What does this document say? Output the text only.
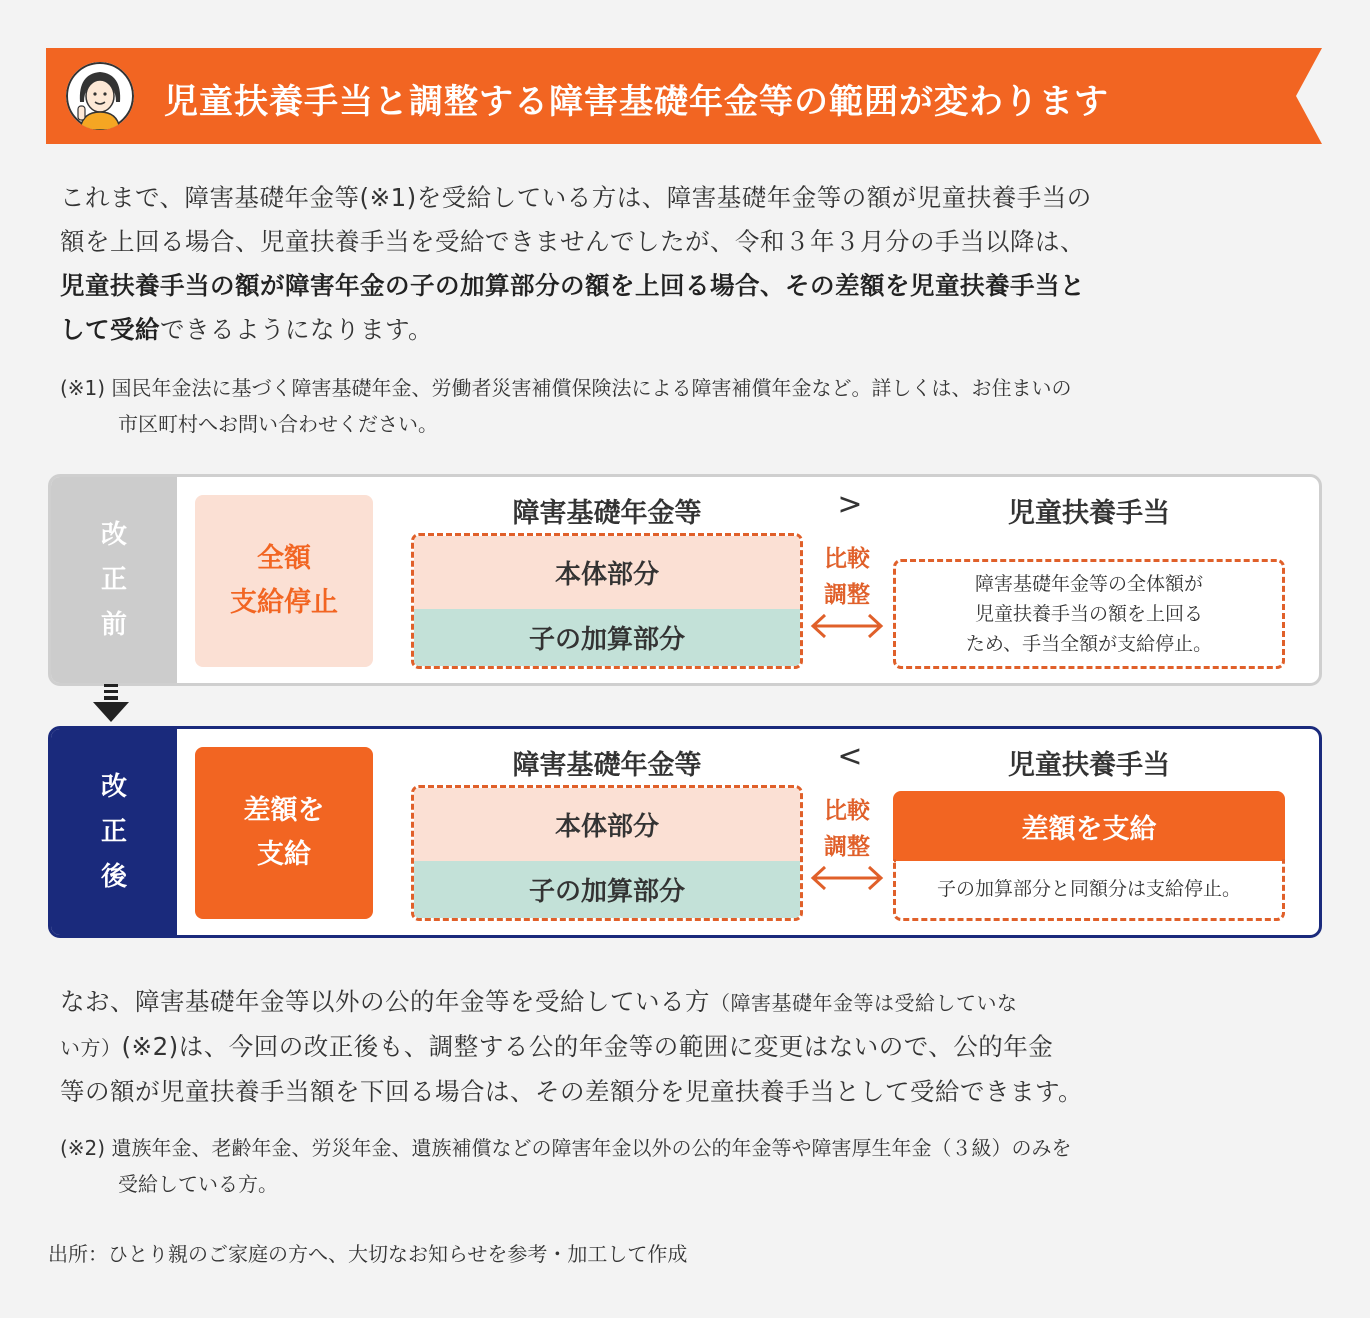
児童扶養手当と調整する障害基礎年金等の範囲が変わります
これまで、障害基礎年金等(※1)を受給している方は、障害基礎年金等の額が児童扶養手当の
額を上回る場合、児童扶養手当を受給できませんでしたが、令和３年３月分の手当以降は、
児童扶養手当の額が障害年金の子の加算部分の額を上回る場合、その差額を児童扶養手当と
して受給できるようになります。
(※1) 国民年金法に基づく障害基礎年金、労働者災害補償保険法による障害補償年金など。詳しくは、お住まいの
市区町村へお問い合わせください。
改
正
前
全額
支給停止
障害基礎年金等	>	児童扶養手当
本体部分
子の加算部分
比較
調整	障害基礎年金等の全体額が
児童扶養手当の額を上回る
ため、手当全額が支給停止。
改
正
後
差額を
支給
障害基礎年金等	<	児童扶養手当
本体部分
子の加算部分
比較
調整
差額を支給
子の加算部分と同額分は支給停止。
なお、障害基礎年金等以外の公的年金等を受給している方（障害基礎年金等は受給していな
い方）(※2)は、今回の改正後も、調整する公的年金等の範囲に変更はないので、公的年金
等の額が児童扶養手当額を下回る場合は、その差額分を児童扶養手当として受給できます。
(※2) 遺族年金、老齢年金、労災年金、遺族補償などの障害年金以外の公的年金等や障害厚生年金（３級）のみを
受給している方。
出所：ひとり親のご家庭の方へ、大切なお知らせを参考・加工して作成
